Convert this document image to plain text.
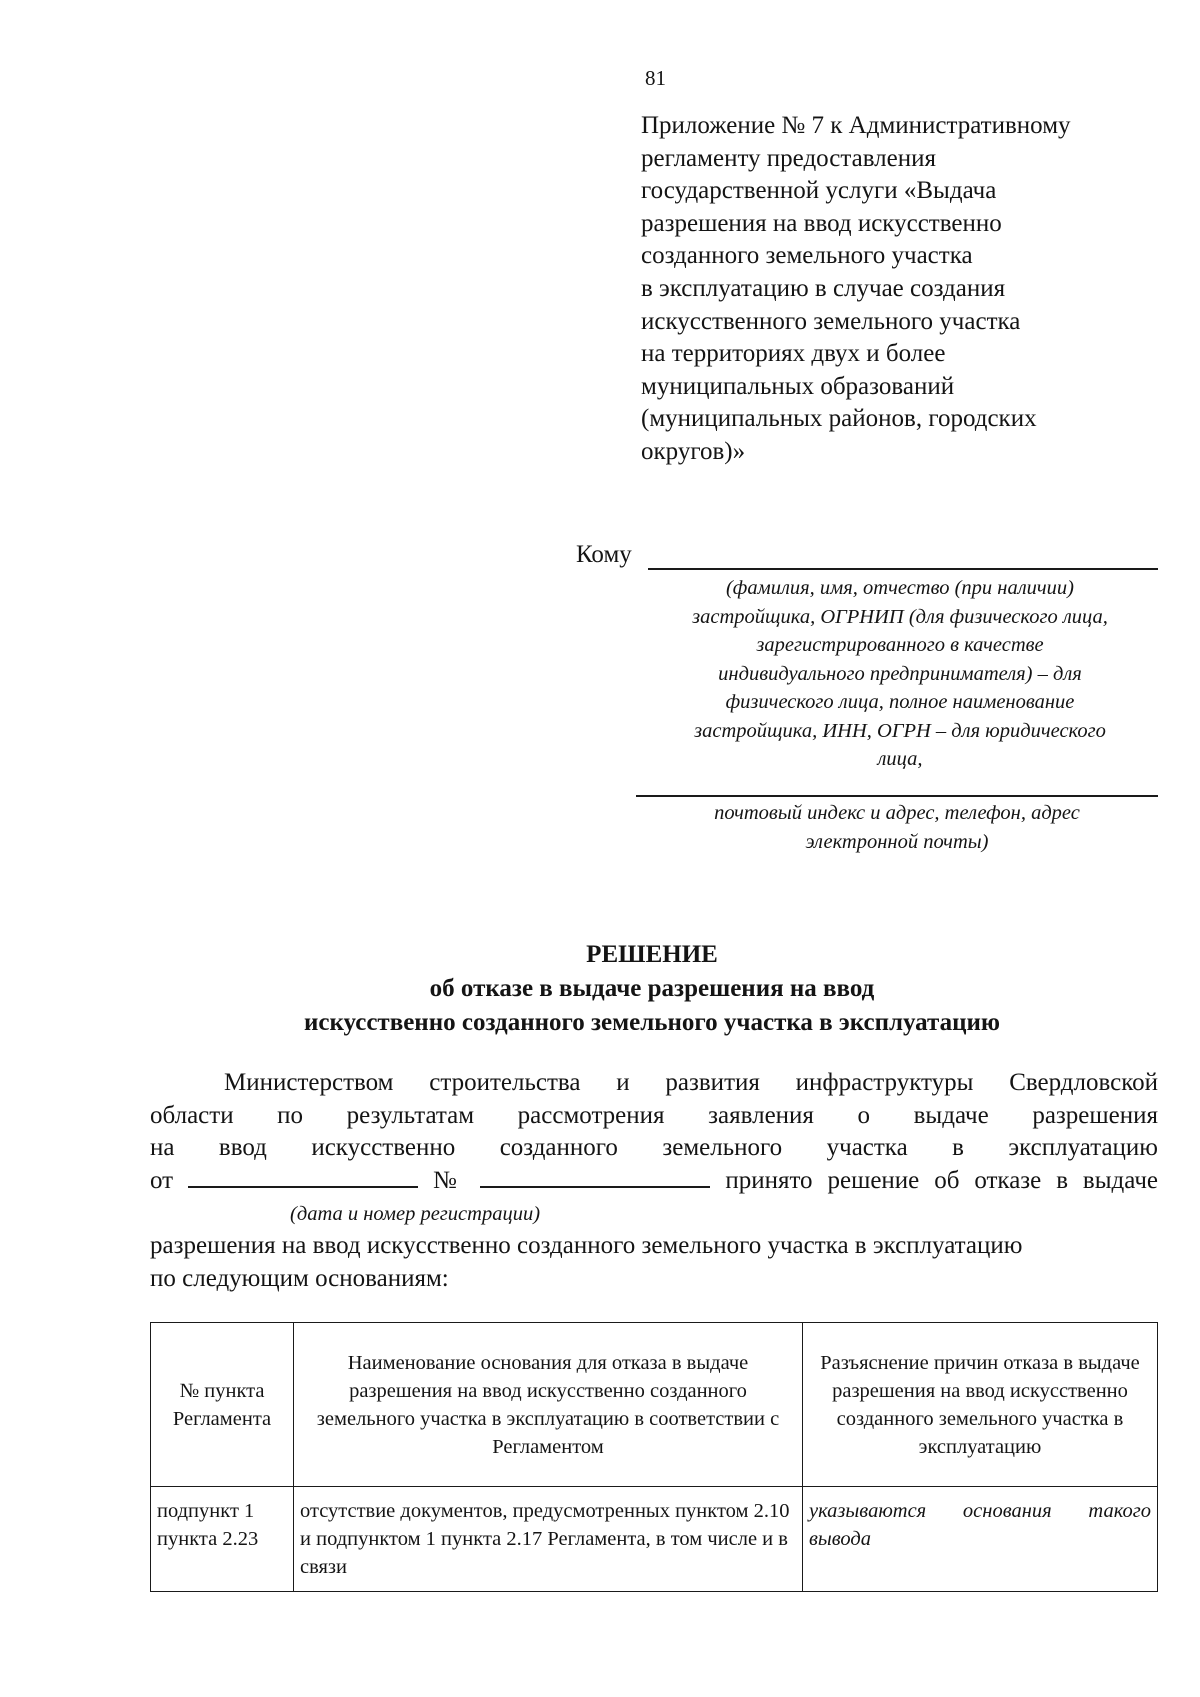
81
Приложение № 7 к Административному
регламенту предоставления
государственной услуги «Выдача
разрешения на ввод искусственно
созданного земельного участка
в эксплуатацию в случае создания
искусственного земельного участка
на территориях двух и более
муниципальных образований
(муниципальных районов, городских
округов)»
Кому
(фамилия, имя, отчество (при наличии)
застройщика, ОГРНИП (для физического лица,
зарегистрированного в качестве
индивидуального предпринимателя) – для
физического лица, полное наименование
застройщика, ИНН, ОГРН – для юридического
лица,
почтовый индекс и адрес, телефон, адрес
электронной почты)
РЕШЕНИЕ
об отказе в выдаче разрешения на ввод
искусственно созданного земельного участка в эксплуатацию
Министерством строительства и развития инфраструктуры Свердловской
области по результатам рассмотрения заявления о выдаче разрешения
на ввод искусственно созданного земельного участка в эксплуатацию
от	№	принято решение об отказе в выдаче
(дата и номер регистрации)
разрешения на ввод искусственно созданного земельного участка в эксплуатацию
по следующим основаниям:
№ пункта Регламента	Наименование основания для отказа в выдаче разрешения на ввод искусственно созданного земельного участка в эксплуатацию в соответствии с Регламентом	Разъяснение причин отказа в выдаче разрешения на ввод искусственно созданного земельного участка в эксплуатацию
подпункт 1 пункта 2.23	отсутствие документов, предусмотренных пунктом 2.10 и подпунктом 1 пункта 2.17 Регламента, в том числе и в связи	указываются основания такого вывода
